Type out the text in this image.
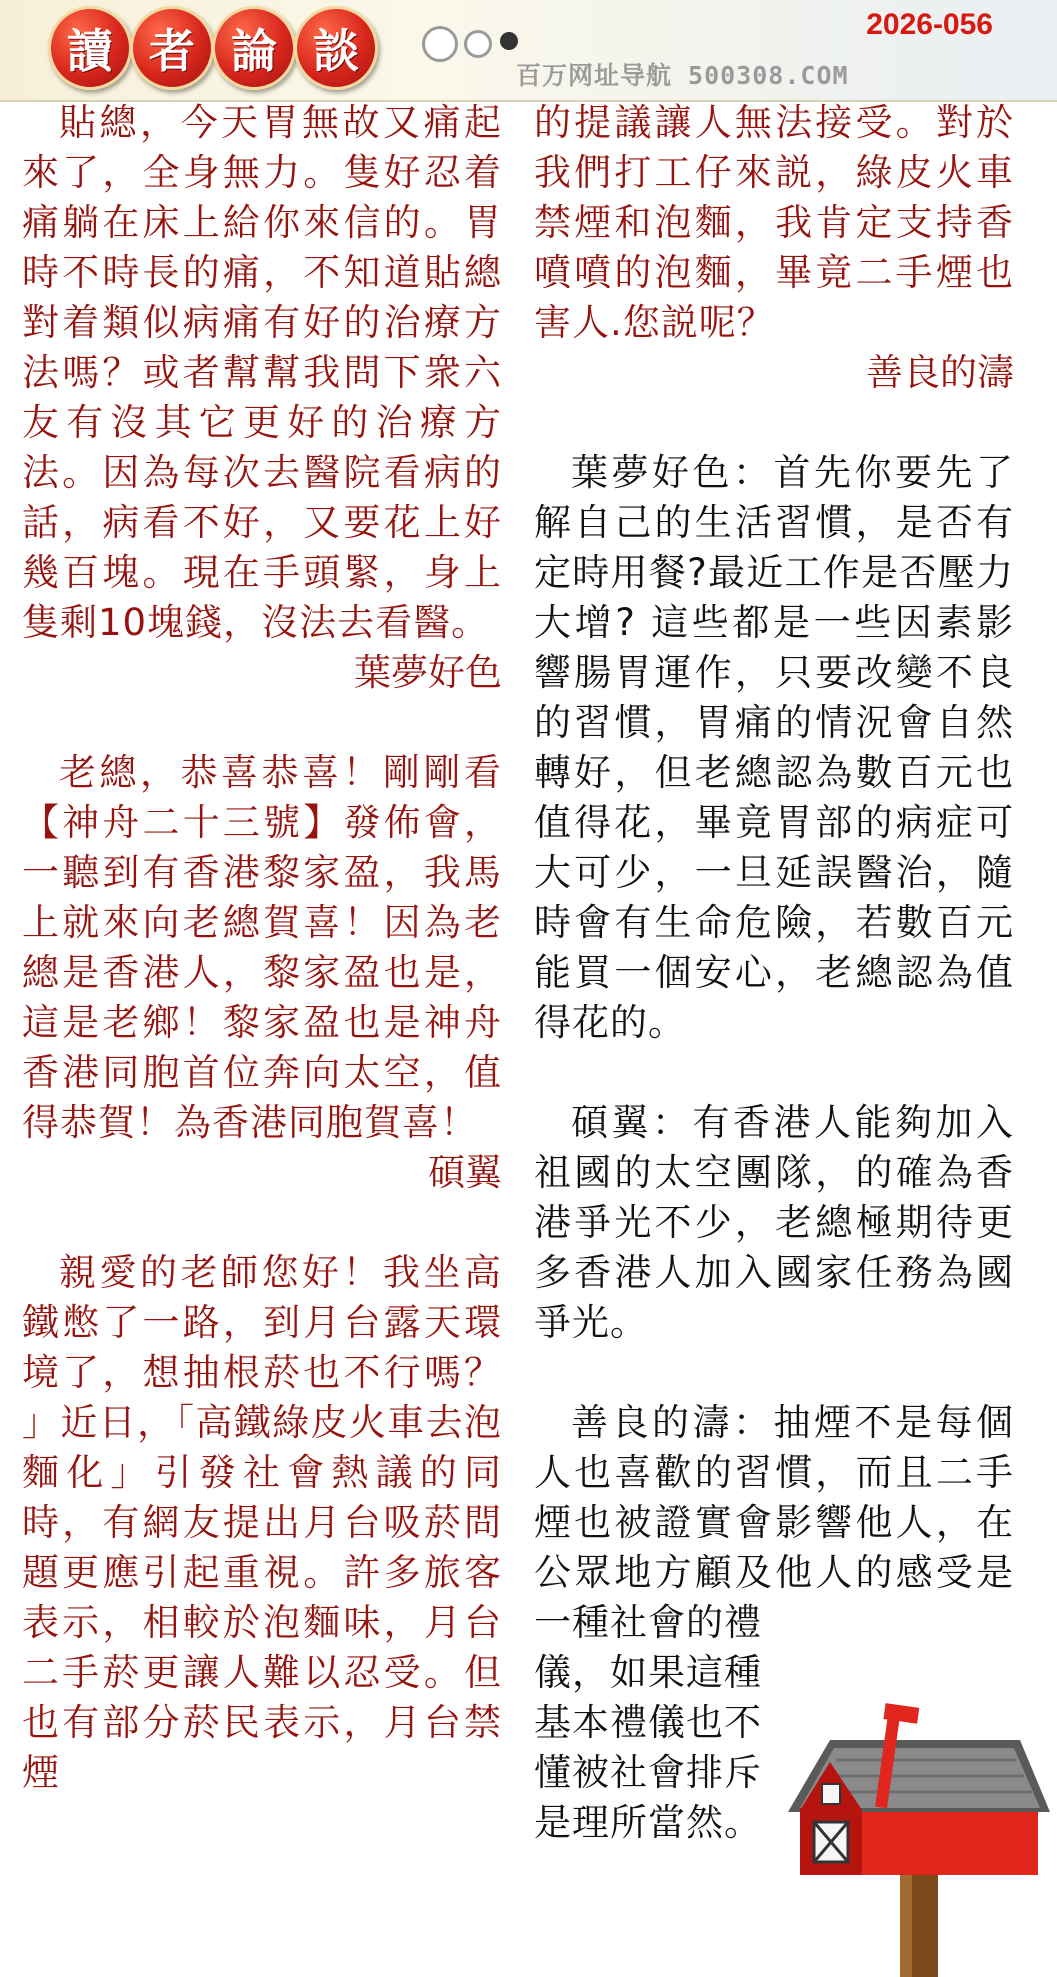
讀 者 論 談	2026-056
百万网址导航 500308.COM

貼總，今天胃無故又痛起來了，全身無力。隻好忍着痛躺在床上給你來信的。胃時不時長的痛，不知道貼總對着類似病痛有好的治療方法嗎？或者幫幫我問下衆六友有沒其它更好的治療方法。因為每次去醫院看病的話，病看不好，又要花上好幾百塊。現在手頭緊，身上隻剩10塊錢，沒法去看醫。

葉夢好色

老總，恭喜恭喜！剛剛看【神舟二十三號】發佈會，一聽到有香港黎家盈，我馬上就來向老總賀喜！因為老總是香港人，黎家盈也是，這是老鄉！黎家盈也是神舟香港同胞首位奔向太空，值得恭賀！為香港同胞賀喜！

碩翼

親愛的老師您好！我坐高鐵憋了一路，到月台露天環境了，想抽根菸也不行嗎？ 」近日，「高鐵綠皮火車去泡麵化」引發社會熱議的同時，有網友提出月台吸菸問題更應引起重視。許多旅客表示，相較於泡麵味，月台二手菸更讓人難以忍受。但也有部分菸民表示，月台禁煙

的提議讓人無法接受。對於我們打工仔來説，綠皮火車禁煙和泡麵，我肯定支持香噴噴的泡麵，畢竟二手煙也害人.您説呢？

善良的濤

葉夢好色：首先你要先了解自己的生活習慣，是否有定時用餐?最近工作是否壓力大增? 這些都是一些因素影響腸胃運作，只要改變不良的習慣，胃痛的情況會自然轉好，但老總認為數百元也值得花，畢竟胃部的病症可大可少，一旦延誤醫治，隨時會有生命危險，若數百元能買一個安心，老總認為值得花的。

碩翼：有香港人能夠加入祖國的太空團隊，的確為香港爭光不少，老總極期待更多香港人加入國家任務為國爭光。

善良的濤：抽煙不是每個人也喜歡的習慣，而且二手煙也被證實會影響他人，在公眾地方顧及他人的感受是一種社會的禮

儀，如果這種基本禮儀也不懂被社會排斥是理所當然。
